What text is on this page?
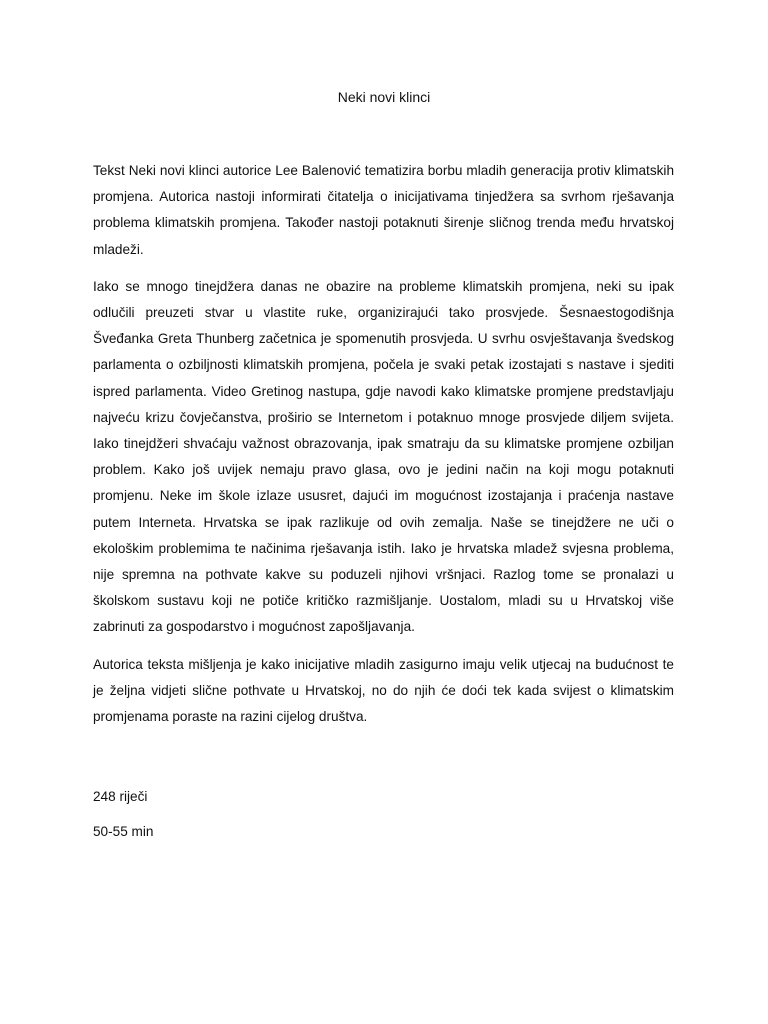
Neki novi klinci

Tekst Neki novi klinci autorice Lee Balenović tematizira borbu mladih generacija protiv klimatskih promjena. Autorica nastoji informirati čitatelja o inicijativama tinjedžera sa svrhom rješavanja problema klimatskih promjena. Također nastoji potaknuti širenje sličnog trenda među hrvatskoj mladeži.

Iako se mnogo tinejdžera danas ne obazire na probleme klimatskih promjena, neki su ipak odlučili preuzeti stvar u vlastite ruke, organizirajući tako prosvjede. Šesnaestogodišnja Šveđanka Greta Thunberg začetnica je spomenutih prosvjeda. U svrhu osvještavanja švedskog parlamenta o ozbiljnosti klimatskih promjena, počela je svaki petak izostajati s nastave i sjediti ispred parlamenta. Video Gretinog nastupa, gdje navodi kako klimatske promjene predstavljaju najveću krizu čovječanstva, proširio se Internetom i potaknuo mnoge prosvjede diljem svijeta. Iako tinejdžeri shvaćaju važnost obrazovanja, ipak smatraju da su klimatske promjene ozbiljan problem. Kako još uvijek nemaju pravo glasa, ovo je jedini način na koji mogu potaknuti promjenu. Neke im škole izlaze ususret, dajući im mogućnost izostajanja i praćenja nastave putem Interneta. Hrvatska se ipak razlikuje od ovih zemalja. Naše se tinejdžere ne uči o ekološkim problemima te načinima rješavanja istih. Iako je hrvatska mladež svjesna problema, nije spremna na pothvate kakve su poduzeli njihovi vršnjaci. Razlog tome se pronalazi u školskom sustavu koji ne potiče kritičko razmišljanje. Uostalom, mladi su u Hrvatskoj više zabrinuti za gospodarstvo i mogućnost zapošljavanja.

Autorica teksta mišljenja je kako inicijative mladih zasigurno imaju velik utjecaj na budućnost te je željna vidjeti slične pothvate u Hrvatskoj, no do njih će doći tek kada svijest o klimatskim promjenama poraste na razini cijelog društva.

248 riječi

50-55 min
